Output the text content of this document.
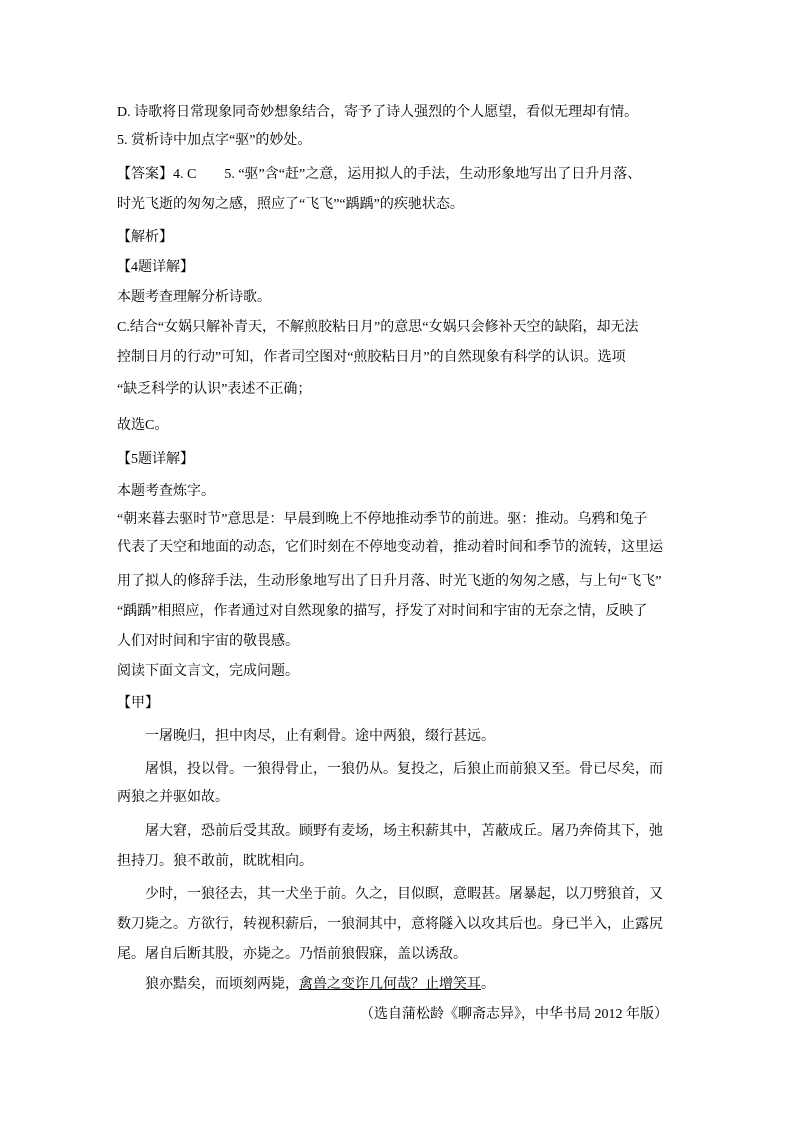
D. 诗歌将日常现象同奇妙想象结合，寄予了诗人强烈的个人愿望，看似无理却有情。
5. 赏析诗中加点字“驱”的妙处。
【答案】4. C　　5. “驱”含“赶”之意，运用拟人的手法，生动形象地写出了日升月落、
时光飞逝的匆匆之感，照应了“飞飞”“踽踽”的疾驰状态。
【解析】
【4题详解】
本题考查理解分析诗歌。
C.结合“女娲只解补青天，不解煎胶粘日月”的意思“女娲只会修补天空的缺陷，却无法
控制日月的行动”可知，作者司空图对“煎胶粘日月”的自然现象有科学的认识。选项
“缺乏科学的认识”表述不正确；
故选C。
【5题详解】
本题考查炼字。
“朝来暮去驱时节”意思是：早晨到晚上不停地推动季节的前进。驱：推动。乌鸦和兔子
代表了天空和地面的动态，它们时刻在不停地变动着，推动着时间和季节的流转，这里运
用了拟人的修辞手法，生动形象地写出了日升月落、时光飞逝的匆匆之感，与上句“飞飞”
“踽踽”相照应，作者通过对自然现象的描写，抒发了对时间和宇宙的无奈之情，反映了
人们对时间和宇宙的敬畏感。
阅读下面文言文，完成问题。
【甲】
一屠晚归，担中肉尽，止有剩骨。途中两狼，缀行甚远。
屠惧，投以骨。一狼得骨止，一狼仍从。复投之，后狼止而前狼又至。骨已尽矣，而
两狼之并驱如故。
屠大窘，恐前后受其敌。顾野有麦场，场主积薪其中，苫蔽成丘。屠乃奔倚其下，弛
担持刀。狼不敢前，眈眈相向。
少时，一狼径去，其一犬坐于前。久之，目似瞑，意暇甚。屠暴起，以刀劈狼首，又
数刀毙之。方欲行，转视积薪后，一狼洞其中，意将隧入以攻其后也。身已半入，止露尻
尾。屠自后断其股，亦毙之。乃悟前狼假寐，盖以诱敌。
狼亦黠矣，而顷刻两毙，禽兽之变诈几何哉？止增笑耳。
（选自蒲松龄《聊斋志异》，中华书局 2012 年版）
